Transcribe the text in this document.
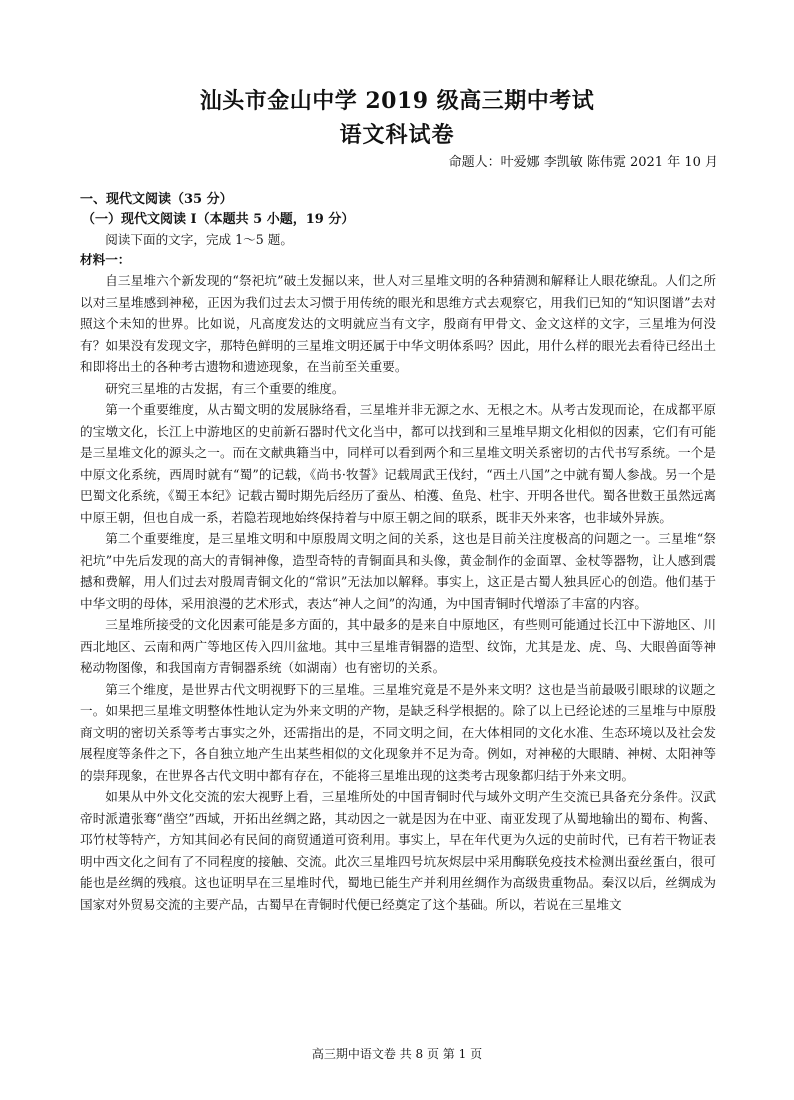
汕头市金山中学 2019 级高三期中考试
语文科试卷
命题人：叶爱娜 李凯敏 陈伟霓 2021 年 10 月
一、现代文阅读（35 分）
（一）现代文阅读 I（本题共 5 小题，19 分）
阅读下面的文字，完成 1～5 题。
材料一：

自三星堆六个新发现的“祭祀坑”破土发掘以来，世人对三星堆文明的各种猜测和解释让人眼花缭乱。人们之所以对三星堆感到神秘，正因为我们过去太习惯于用传统的眼光和思维方式去观察它，用我们已知的“知识图谱”去对照这个未知的世界。比如说，凡高度发达的文明就应当有文字，殷商有甲骨文、金文这样的文字，三星堆为何没有？如果没有发现文字，那特色鲜明的三星堆文明还属于中华文明体系吗？因此，用什么样的眼光去看待已经出土和即将出土的各种考古遗物和遗迹现象，在当前至关重要。

研究三星堆的古发据，有三个重要的维度。

第一个重要维度，从古蜀文明的发展脉络看，三星堆并非无源之水、无根之木。从考古发现而论，在成都平原的宝墩文化，长江上中游地区的史前新石器时代文化当中，都可以找到和三星堆早期文化相似的因素，它们有可能是三星堆文化的源头之一。而在文献典籍当中，同样可以看到两个和三星堆文明关系密切的古代书写系统。一个是中原文化系统，西周时就有“蜀”的记载，《尚书·牧誓》记载周武王伐纣，“西土八国”之中就有蜀人参战。另一个是巴蜀文化系统，《蜀王本纪》记载古蜀时期先后经历了蚕丛、柏濩、鱼凫、杜宇、开明各世代。蜀各世数王虽然远离中原王朝，但也自成一系，若隐若现地始终保持着与中原王朝之间的联系，既非天外来客，也非域外异族。

第二个重要维度，是三星堆文明和中原殷周文明之间的关系，这也是目前关注度极高的问题之一。三星堆“祭祀坑”中先后发现的高大的青铜神像，造型奇特的青铜面具和头像，黄金制作的金面罩、金杖等器物，让人感到震撼和费解，用人们过去对殷周青铜文化的“常识”无法加以解释。事实上，这正是古蜀人独具匠心的创造。他们基于中华文明的母体，采用浪漫的艺术形式，表达“神人之间”的沟通，为中国青铜时代增添了丰富的内容。

三星堆所接受的文化因素可能是多方面的，其中最多的是来自中原地区，有些则可能通过长江中下游地区、川西北地区、云南和两广等地区传入四川盆地。其中三星堆青铜器的造型、纹饰，尤其是龙、虎、鸟、大眼兽面等神秘动物图像，和我国南方青铜器系统（如湖南）也有密切的关系。

第三个维度，是世界古代文明视野下的三星堆。三星堆究竟是不是外来文明？这也是当前最吸引眼球的议题之一。如果把三星堆文明整体性地认定为外来文明的产物，是缺乏科学根据的。除了以上已经论述的三星堆与中原殷商文明的密切关系等考古事实之外，还需指出的是，不同文明之间，在大体相同的文化水准、生态环境以及社会发展程度等条件之下，各自独立地产生出某些相似的文化现象并不足为奇。例如，对神秘的大眼睛、神树、太阳神等的崇拜现象，在世界各古代文明中都有存在，不能将三星堆出现的这类考古现象都归结于外来文明。

如果从中外文化交流的宏大视野上看，三星堆所处的中国青铜时代与域外文明产生交流已具备充分条件。汉武帝时派遣张骞“凿空”西域，开拓出丝绸之路，其动因之一就是因为在中亚、南亚发现了从蜀地输出的蜀布、枸酱、邛竹杖等特产，方知其间必有民间的商贸通道可资利用。事实上，早在年代更为久远的史前时代，已有若干物证表明中西文化之间有了不同程度的接触、交流。此次三星堆四号坑灰烬层中采用酶联免疫技术检测出蚕丝蛋白，很可能也是丝绸的残痕。这也证明早在三星堆时代，蜀地已能生产并利用丝绸作为高级贵重物品。秦汉以后，丝绸成为国家对外贸易交流的主要产品，古蜀早在青铜时代便已经奠定了这个基础。所以，若说在三星堆文

高三期中语文卷 共 8 页 第 1 页
